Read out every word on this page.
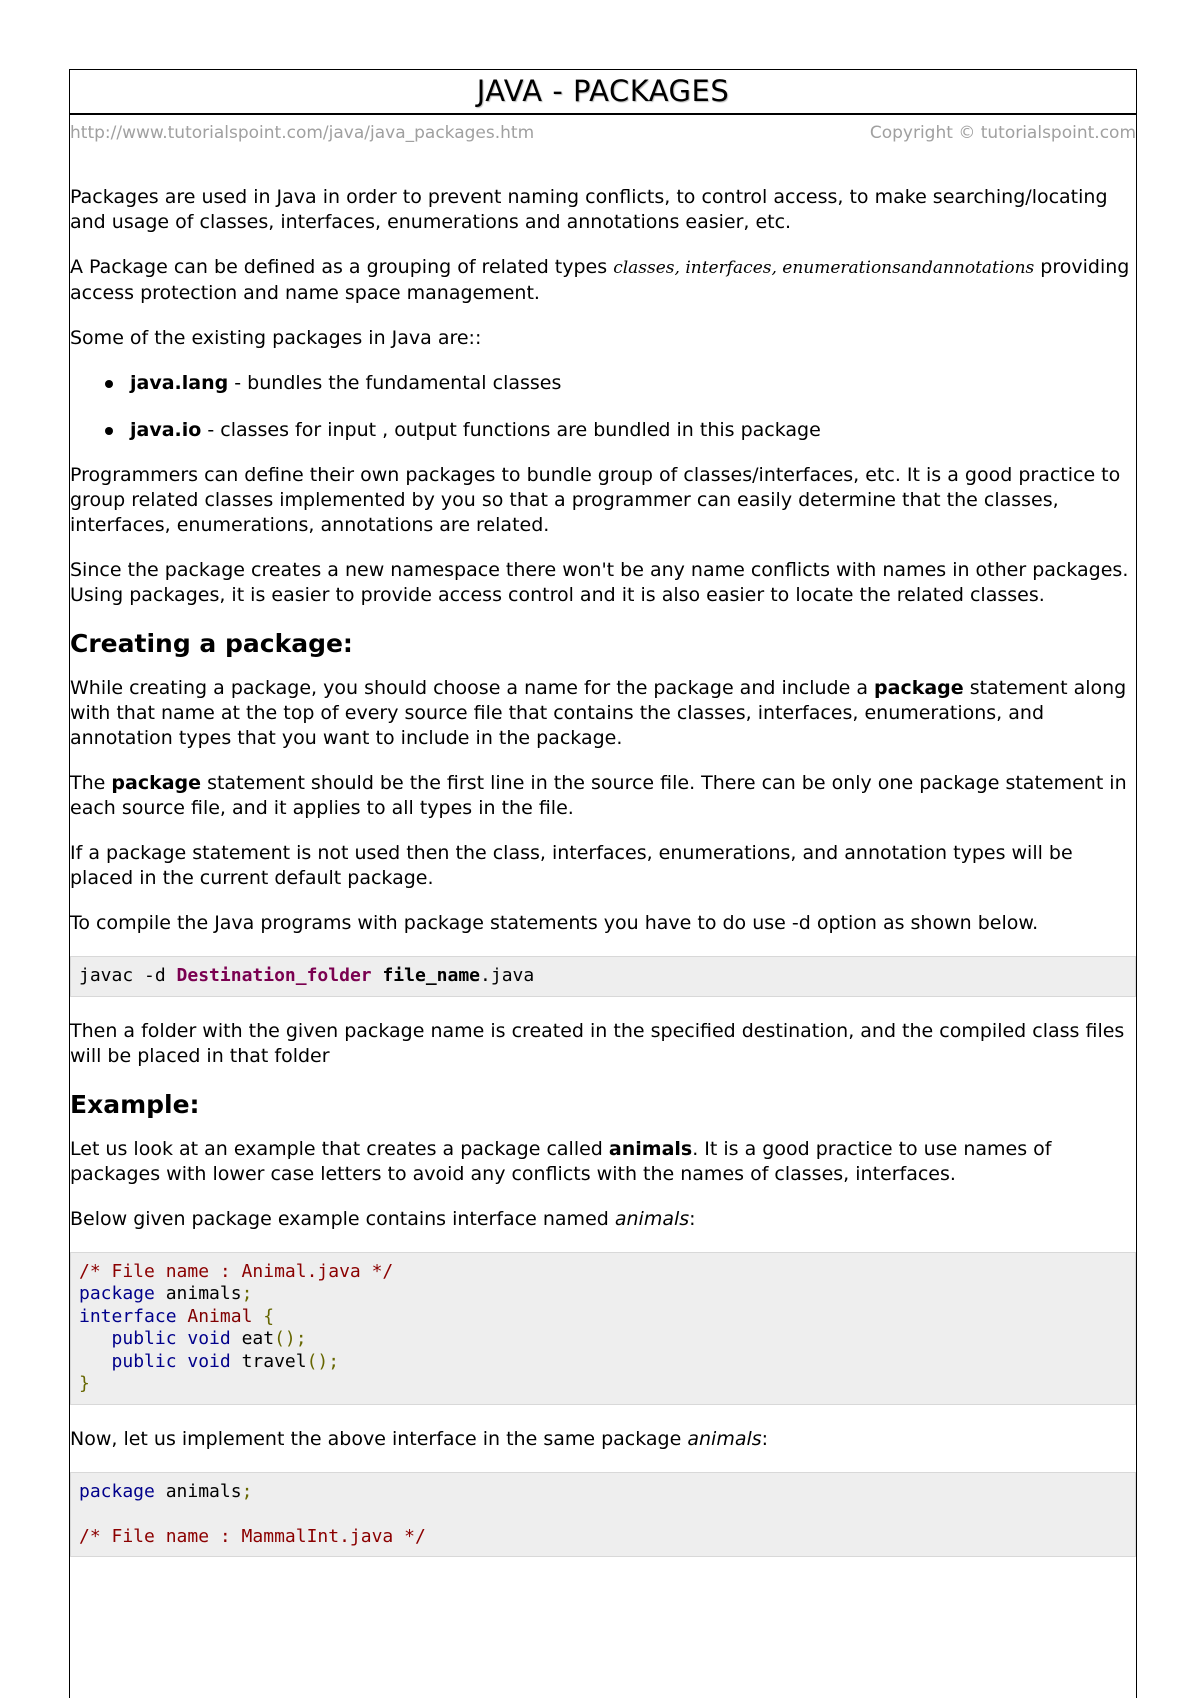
JAVA - PACKAGES
http://www.tutorialspoint.com/java/java_packages.htm	Copyright © tutorialspoint.com

Packages are used in Java in order to prevent naming conflicts, to control access, to make searching/locating and usage of classes, interfaces, enumerations and annotations easier, etc.

A Package can be defined as a grouping of related types classes, interfaces, enumerationsandannotations providing access protection and name space management.

Some of the existing packages in Java are::

java.lang - bundles the fundamental classes
java.io - classes for input , output functions are bundled in this package

Programmers can define their own packages to bundle group of classes/interfaces, etc. It is a good practice to group related classes implemented by you so that a programmer can easily determine that the classes, interfaces, enumerations, annotations are related.

Since the package creates a new namespace there won't be any name conflicts with names in other packages. Using packages, it is easier to provide access control and it is also easier to locate the related classes.

Creating a package:

While creating a package, you should choose a name for the package and include a package statement along with that name at the top of every source file that contains the classes, interfaces, enumerations, and annotation types that you want to include in the package.

The package statement should be the first line in the source file. There can be only one package statement in each source file, and it applies to all types in the file.

If a package statement is not used then the class, interfaces, enumerations, and annotation types will be placed in the current default package.

To compile the Java programs with package statements you have to do use -d option as shown below.

javac -d Destination_folder file_name.java

Then a folder with the given package name is created in the specified destination, and the compiled class files will be placed in that folder

Example:

Let us look at an example that creates a package called animals. It is a good practice to use names of packages with lower case letters to avoid any conflicts with the names of classes, interfaces.

Below given package example contains interface named animals:

/* File name : Animal.java */
package animals;
interface Animal {
public void eat();
public void travel();
}

Now, let us implement the above interface in the same package animals:

package animals;

/* File name : MammalInt.java */
